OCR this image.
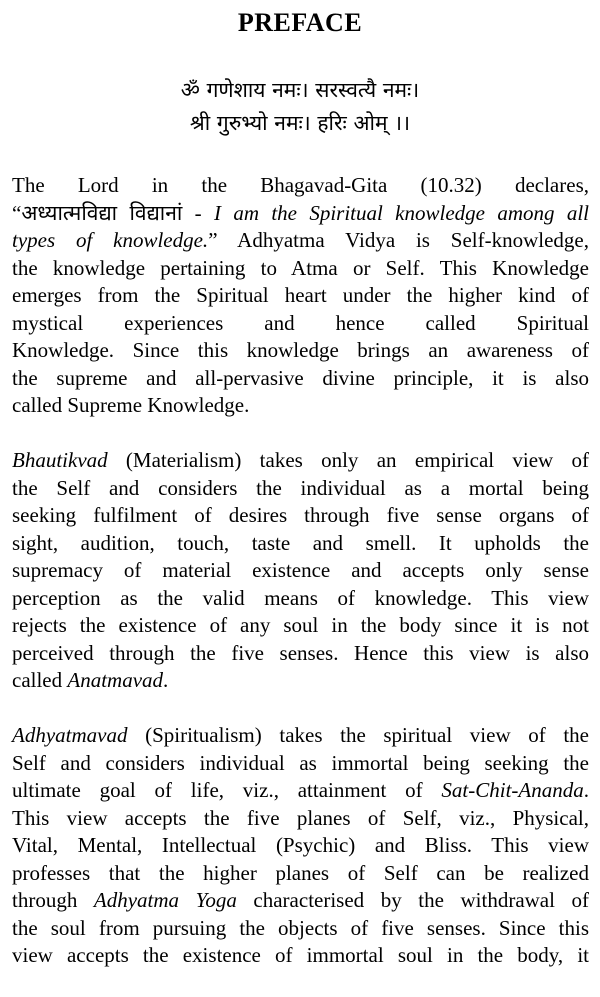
PREFACE
ॐ गणेशाय नमः। सरस्वत्यै नमः।
श्री गुरुभ्यो नमः। हरिः ओम् ।।
The Lord in the Bhagavad-Gita (10.32) declares,
“अध्यात्मविद्या विद्यानां - I am the Spiritual knowledge among all
types of knowledge.” Adhyatma Vidya is Self-knowledge,
the knowledge pertaining to Atma or Self. This Knowledge
emerges from the Spiritual heart under the higher kind of
mystical experiences and hence called Spiritual
Knowledge. Since this knowledge brings an awareness of
the supreme and all-pervasive divine principle, it is also
called Supreme Knowledge.
Bhautikvad (Materialism) takes only an empirical view of
the Self and considers the individual as a mortal being
seeking fulfilment of desires through five sense organs of
sight, audition, touch, taste and smell. It upholds the
supremacy of material existence and accepts only sense
perception as the valid means of knowledge. This view
rejects the existence of any soul in the body since it is not
perceived through the five senses. Hence this view is also
called Anatmavad.
Adhyatmavad (Spiritualism) takes the spiritual view of the
Self and considers individual as immortal being seeking the
ultimate goal of life, viz., attainment of Sat-Chit-Ananda.
This view accepts the five planes of Self, viz., Physical,
Vital, Mental, Intellectual (Psychic) and Bliss. This view
professes that the higher planes of Self can be realized
through Adhyatma Yoga characterised by the withdrawal of
the soul from pursuing the objects of five senses. Since this
view accepts the existence of immortal soul in the body, it
